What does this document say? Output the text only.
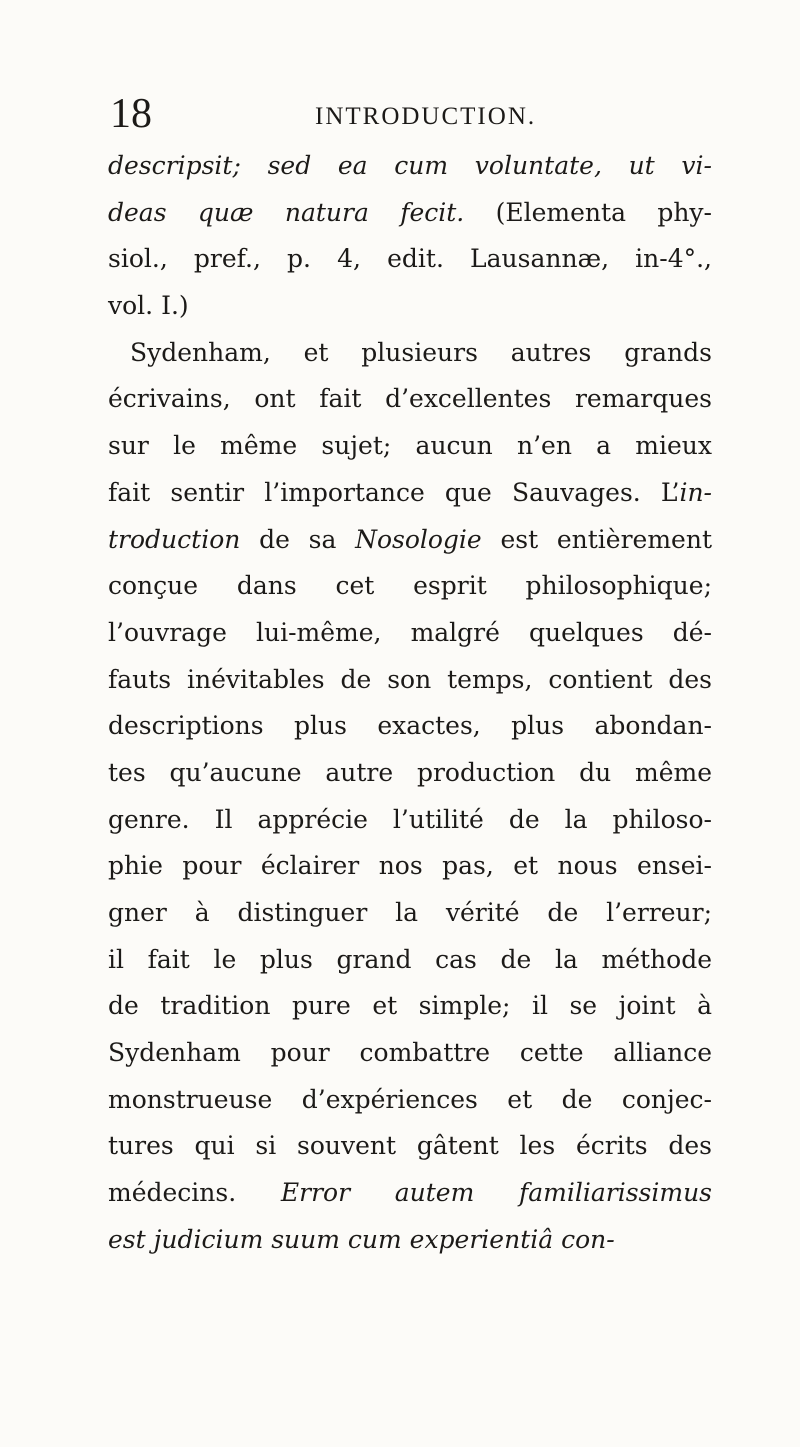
18	INTRODUCTION.
descripsit; sed ea cum voluntate, ut vi-
deas quæ natura fecit. (Elementa phy-
siol., pref., p. 4, edit. Lausannæ, in-4°.,
vol. I.)
Sydenham, et plusieurs autres grands
écrivains, ont fait d’excellentes remarques
sur le même sujet; aucun n’en a mieux
fait sentir l’importance que Sauvages. L’in-
troduction de sa Nosologie est entièrement
conçue dans cet esprit philosophique;
l’ouvrage lui-même, malgré quelques dé-
fauts inévitables de son temps, contient des
descriptions plus exactes, plus abondan-
tes qu’aucune autre production du même
genre. Il apprécie l’utilité de la philoso-
phie pour éclairer nos pas, et nous ensei-
gner à distinguer la vérité de l’erreur;
il fait le plus grand cas de la méthode
de tradition pure et simple; il se joint à
Sydenham pour combattre cette alliance
monstrueuse d’expériences et de conjec-
tures qui si souvent gâtent les écrits des
médecins. Error autem familiarissimus
est judicium suum cum experientiâ con-
